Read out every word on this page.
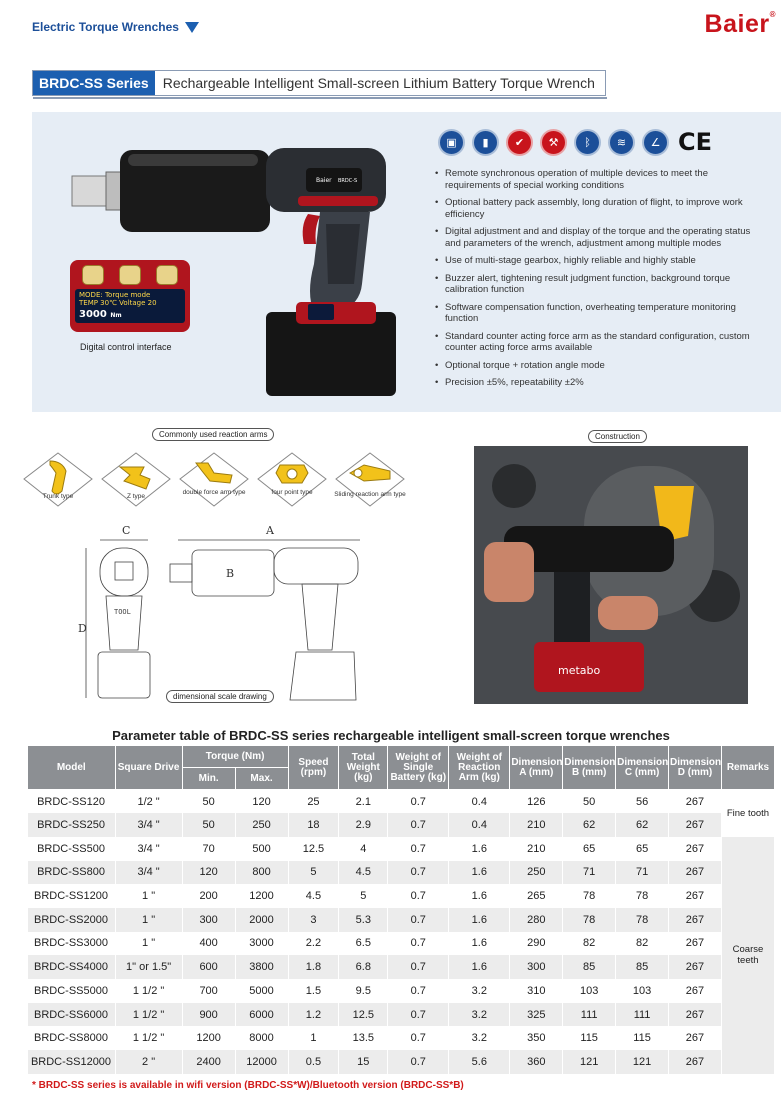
Electric Torque Wrenches	Baier®
BRDC-SS Series	Rechargeable Intelligent Small-screen Lithium Battery Torque Wrench
Baier BRDC-S
MODE: Torque mode
TEMP 30℃ Voltage 20
3000 Nm
Digital control interface
▣	▮	✔	⚒	ᛒ	≋	∠ CE
• Remote synchronous operation of multiple devices to meet the requirements of special working conditions
• Optional battery pack assembly, long duration of flight, to improve work efficiency
• Digital adjustment and and display of the torque and the operating status and parameters of the wrench, adjustment among multiple modes
• Use of multi-stage gearbox, highly reliable and highly stable
• Buzzer alert, tightening result judgment function, background torque calibration function
• Software compensation function, overheating temperature monitoring function
• Standard counter acting force arm as the standard configuration, custom counter acting force arms available
• Optional torque + rotation angle mode
• Precision ±5%, repeatability ±2%
Commonly used reaction arms
Trunk type	Z type
double force arm type	four point type	Sliding reaction arm type
C
TOOL
D
A
B
dimensional scale drawing
Construction
metabo
Parameter table of BRDC-SS series rechargeable intelligent small-screen torque wrenches
Model	Square Drive	Torque (Nm)		Speed (rpm)	Total Weight (kg)	Weight of Single Battery (kg)	Weight of Reaction Arm (kg)	Dimension A (mm)	Dimension B (mm)	Dimension C (mm)	Dimension D (mm)	Remarks
		Min.	Max.									
BRDC-SS120	1/2 "	50	120	25	2.1	0.7	0.4	126	50	56	267	Fine tooth
BRDC-SS250	3/4 "	50	250	18	2.9	0.7	0.4	210	62	62	267	
BRDC-SS500	3/4 "	70	500	12.5	4	0.7	1.6	210	65	65	267	Coarse teeth
BRDC-SS800	3/4 "	120	800	5	4.5	0.7	1.6	250	71	71	267	
BRDC-SS1200	1 "	200	1200	4.5	5	0.7	1.6	265	78	78	267	
BRDC-SS2000	1 "	300	2000	3	5.3	0.7	1.6	280	78	78	267	
BRDC-SS3000	1 "	400	3000	2.2	6.5	0.7	1.6	290	82	82	267	
BRDC-SS4000	1" or 1.5"	600	3800	1.8	6.8	0.7	1.6	300	85	85	267	
BRDC-SS5000	1 1/2 "	700	5000	1.5	9.5	0.7	3.2	310	103	103	267	
BRDC-SS6000	1 1/2 "	900	6000	1.2	12.5	0.7	3.2	325	111	111	267	
BRDC-SS8000	1 1/2 "	1200	8000	1	13.5	0.7	3.2	350	115	115	267	
BRDC-SS12000	2 "	2400	12000	0.5	15	0.7	5.6	360	121	121	267	
* BRDC-SS series is available in wifi version (BRDC-SS*W)/Bluetooth version (BRDC-SS*B)
